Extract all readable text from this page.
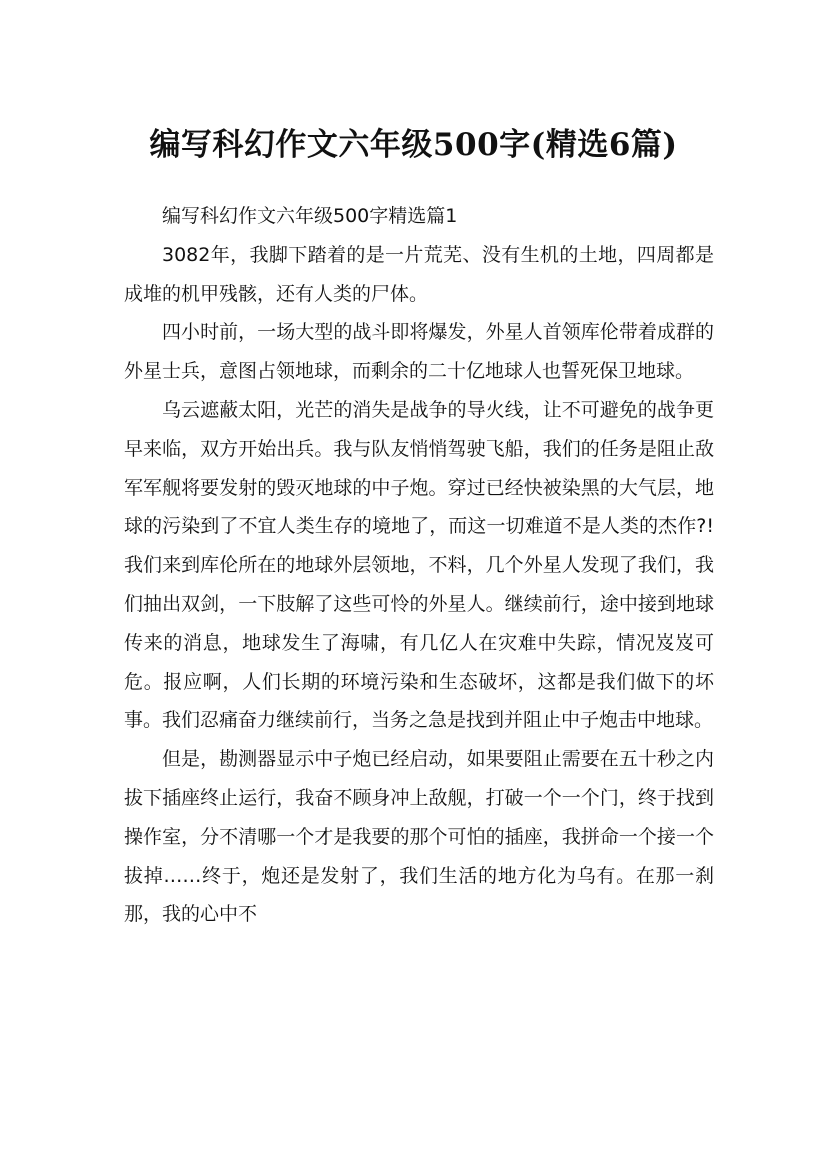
编写科幻作文六年级500字(精选6篇)

编写科幻作文六年级500字精选篇1

3082年，我脚下踏着的是一片荒芜、没有生机的土地，四周都是成堆的机甲残骸，还有人类的尸体。

四小时前，一场大型的战斗即将爆发，外星人首领库伦带着成群的外星士兵，意图占领地球，而剩余的二十亿地球人也誓死保卫地球。

乌云遮蔽太阳，光芒的消失是战争的导火线，让不可避免的战争更早来临，双方开始出兵。我与队友悄悄驾驶飞船，我们的任务是阻止敌军军舰将要发射的毁灭地球的中子炮。穿过已经快被染黑的大气层，地球的污染到了不宜人类生存的境地了，而这一切难道不是人类的杰作?!我们来到库伦所在的地球外层领地，不料，几个外星人发现了我们，我们抽出双剑，一下肢解了这些可怜的外星人。继续前行，途中接到地球传来的消息，地球发生了海啸，有几亿人在灾难中失踪，情况岌岌可危。报应啊，人们长期的环境污染和生态破坏，这都是我们做下的坏事。我们忍痛奋力继续前行，当务之急是找到并阻止中子炮击中地球。

但是，勘测器显示中子炮已经启动，如果要阻止需要在五十秒之内拔下插座终止运行，我奋不顾身冲上敌舰，打破一个一个门，终于找到操作室，分不清哪一个才是我要的那个可怕的插座，我拼命一个接一个拔掉……终于，炮还是发射了，我们生活的地方化为乌有。在那一刹那，我的心中不
